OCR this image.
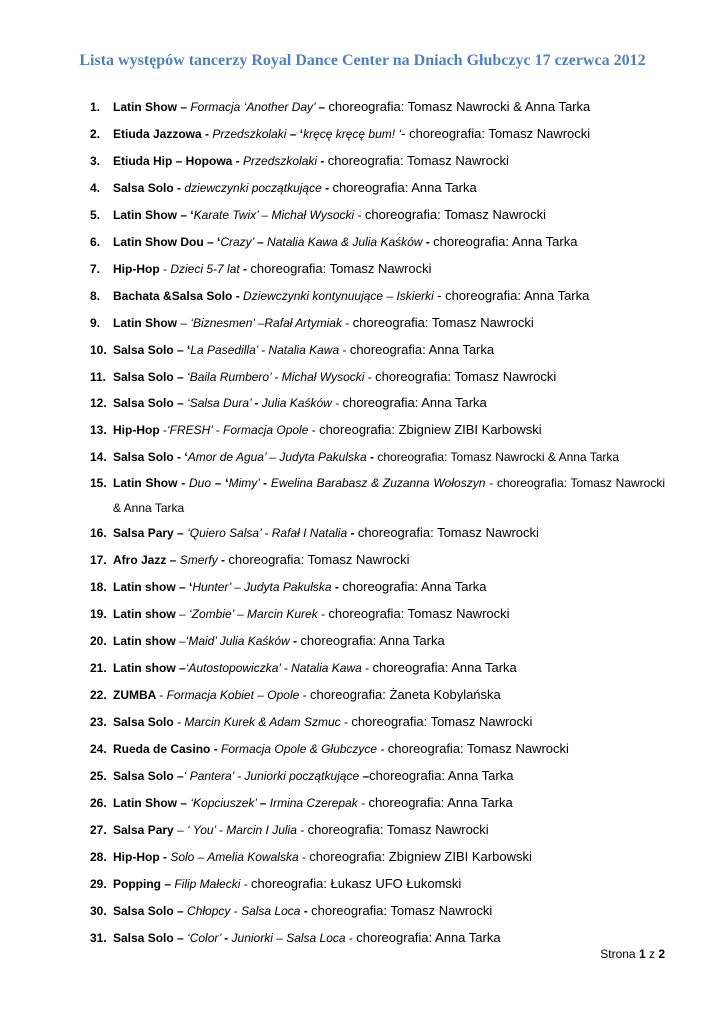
Lista występów tancerzy Royal Dance Center na Dniach Głubczyc 17 czerwca 2012
1. Latin Show – Formacja ‘Another Day’ – choreografia: Tomasz Nawrocki & Anna Tarka
2. Etiuda Jazzowa - Przedszkolaki – ‘kręcę kręcę bum! ‘- choreografia: Tomasz Nawrocki
3. Etiuda Hip – Hopowa - Przedszkolaki - choreografia: Tomasz Nawrocki
4. Salsa Solo - dziewczynki początkujące - choreografia: Anna Tarka
5. Latin Show – ‘Karate Twix’ – Michał Wysocki - choreografia: Tomasz Nawrocki
6. Latin Show Dou – ‘Crazy’ – Natalia Kawa & Julia Kaśków - choreografia: Anna Tarka
7. Hip-Hop - Dzieci 5-7 lat - choreografia: Tomasz Nawrocki
8. Bachata &Salsa Solo - Dziewczynki kontynuujące – Iskierki - choreografia: Anna Tarka
9. Latin Show – ‘Biznesmen’ –Rafał Artymiak - choreografia: Tomasz Nawrocki
10. Salsa Solo – ‘La Pasedilla’ - Natalia Kawa - choreografia: Anna Tarka
11. Salsa Solo – ‘Baila Rumbero’ - Michał Wysocki - choreografia: Tomasz Nawrocki
12. Salsa Solo – ‘Salsa Dura’ - Julia Kaśków - choreografia: Anna Tarka
13. Hip-Hop -‘FRESH’ - Formacja Opole - choreografia: Zbigniew ZIBI Karbowski
14. Salsa Solo - ‘Amor de Agua’ – Judyta Pakulska - choreografia: Tomasz Nawrocki & Anna Tarka
15. Latin Show - Duo – ‘Mimy’ - Ewelina Barabasz & Zuzanna Wołoszyn - choreografia: Tomasz Nawrocki & Anna Tarka
16. Salsa Pary – ‘Quiero Salsa’ - Rafał I Natalia - choreografia: Tomasz Nawrocki
17. Afro Jazz – Smerfy - choreografia: Tomasz Nawrocki
18. Latin show – ‘Hunter’ – Judyta Pakulska - choreografia: Anna Tarka
19. Latin show – ‘Zombie’ – Marcin Kurek - choreografia: Tomasz Nawrocki
20. Latin show –‘Maid’ Julia Kaśków - choreografia: Anna Tarka
21. Latin show –‘Autostopowiczka’ - Natalia Kawa - choreografia: Anna Tarka
22. ZUMBA - Formacja Kobiet – Opole - choreografia: Żaneta Kobylańska
23. Salsa Solo - Marcin Kurek & Adam Szmuc - choreografia: Tomasz Nawrocki
24. Rueda de Casino - Formacja Opole & Głubczyce - choreografia: Tomasz Nawrocki
25. Salsa Solo –‘ Pantera’ - Juniorki początkujące –choreografia: Anna Tarka
26. Latin Show – ‘Kopciuszek’ – Irmina Czerepak - choreografia: Anna Tarka
27. Salsa Pary – ‘ You’ - Marcin I Julia - choreografia: Tomasz Nawrocki
28. Hip-Hop - Solo – Amelia Kowalska - choreografia: Zbigniew ZIBI Karbowski
29. Popping – Filip Małecki - choreografia: Łukasz UFO Łukomski
30. Salsa Solo – Chłopcy - Salsa Loca - choreografia: Tomasz Nawrocki
31. Salsa Solo – ‘Color’ - Juniorki – Salsa Loca - choreografia: Anna Tarka
Strona 1 z 2
